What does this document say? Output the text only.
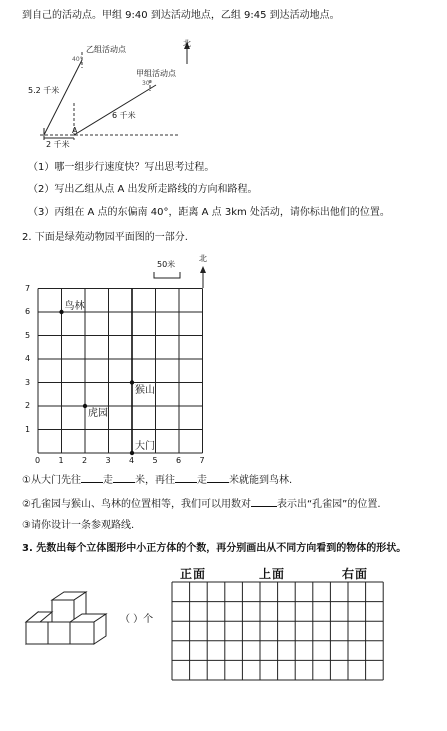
到自己的活动点。甲组 9:40 到达活动地点，乙组 9:45 到达活动地点。
北
乙组活动点
40°
甲组活动点
30°
5.2 千米
6 千米
A
2 千米
（1）哪一组步行速度快？写出思考过程。
（2）写出乙组从点 A 出发所走路线的方向和路程。
（3）丙组在 A 点的东偏南 40°，距离 A 点 3km 处活动，请你标出他们的位置。
2. 下面是绿苑动物园平面图的一部分.
50米
北
0 1 2 3 4 5 6 7
1
2
3
4
5
6
7
鸟林
虎园
猴山
大门
①从大门先往 走 米，再往 走 米就能到鸟林.
②孔雀园与猴山、鸟林的位置相等，我们可以用数对	表示出“孔雀园”的位置.
③请你设计一条参观路线.
3. 先数出每个立体图形中小正方体的个数，再分别画出从不同方向看到的物体的形状。
（ ）个
正面	上面	右面
